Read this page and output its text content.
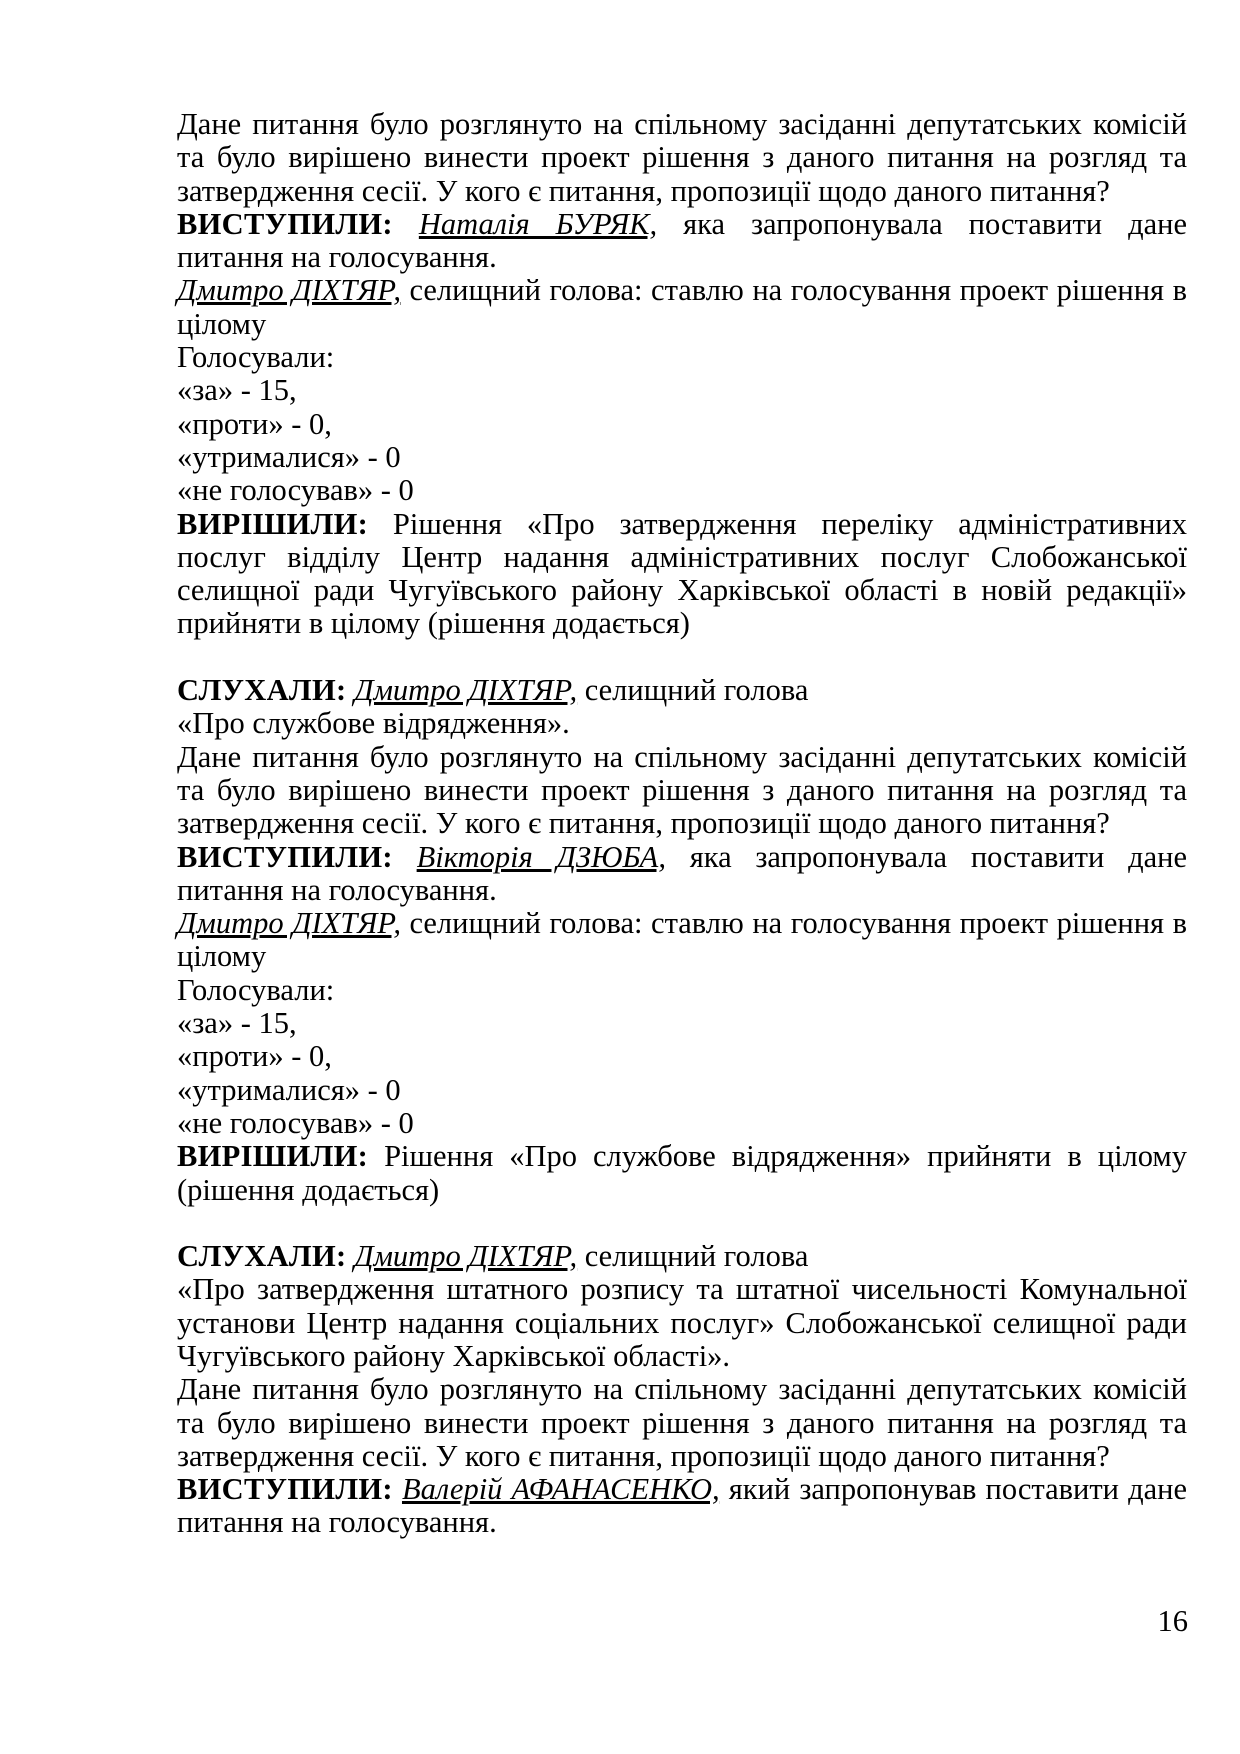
Дане питання було розглянуто на спільному засіданні депутатських комісій та було вирішено винести проект рішення з даного питання на розгляд та затвердження сесії. У кого є питання, пропозиції щодо даного питання?

ВИСТУПИЛИ: Наталія БУРЯК, яка запропонувала поставити дане питання на голосування.

Дмитро ДІХТЯР, селищний голова: ставлю на голосування проект рішення в цілому

Голосували:

«за» - 15,

«проти» - 0,

«утрималися» - 0

«не голосував» - 0

ВИРІШИЛИ: Рішення «Про затвердження переліку адміністративних послуг відділу Центр надання адміністративних послуг Слобожанської селищної ради Чугуївського району Харківської області в новій редакції» прийняти в цілому (рішення додається)

СЛУХАЛИ: Дмитро ДІХТЯР, селищний голова

«Про службове відрядження».

Дане питання було розглянуто на спільному засіданні депутатських комісій та було вирішено винести проект рішення з даного питання на розгляд та затвердження сесії. У кого є питання, пропозиції щодо даного питання?

ВИСТУПИЛИ: Вікторія ДЗЮБА, яка запропонувала поставити дане питання на голосування.

Дмитро ДІХТЯР, селищний голова: ставлю на голосування проект рішення в цілому

Голосували:

«за» - 15,

«проти» - 0,

«утрималися» - 0

«не голосував» - 0

ВИРІШИЛИ: Рішення «Про службове відрядження» прийняти в цілому (рішення додається)

СЛУХАЛИ: Дмитро ДІХТЯР, селищний голова

«Про затвердження штатного розпису та штатної чисельності Комунальної установи Центр надання соціальних послуг» Слобожанської селищної ради Чугуївського району Харківської області».

Дане питання було розглянуто на спільному засіданні депутатських комісій та було вирішено винести проект рішення з даного питання на розгляд та затвердження сесії. У кого є питання, пропозиції щодо даного питання?

ВИСТУПИЛИ: Валерій АФАНАСЕНКО, який запропонував поставити дане питання на голосування.

16
